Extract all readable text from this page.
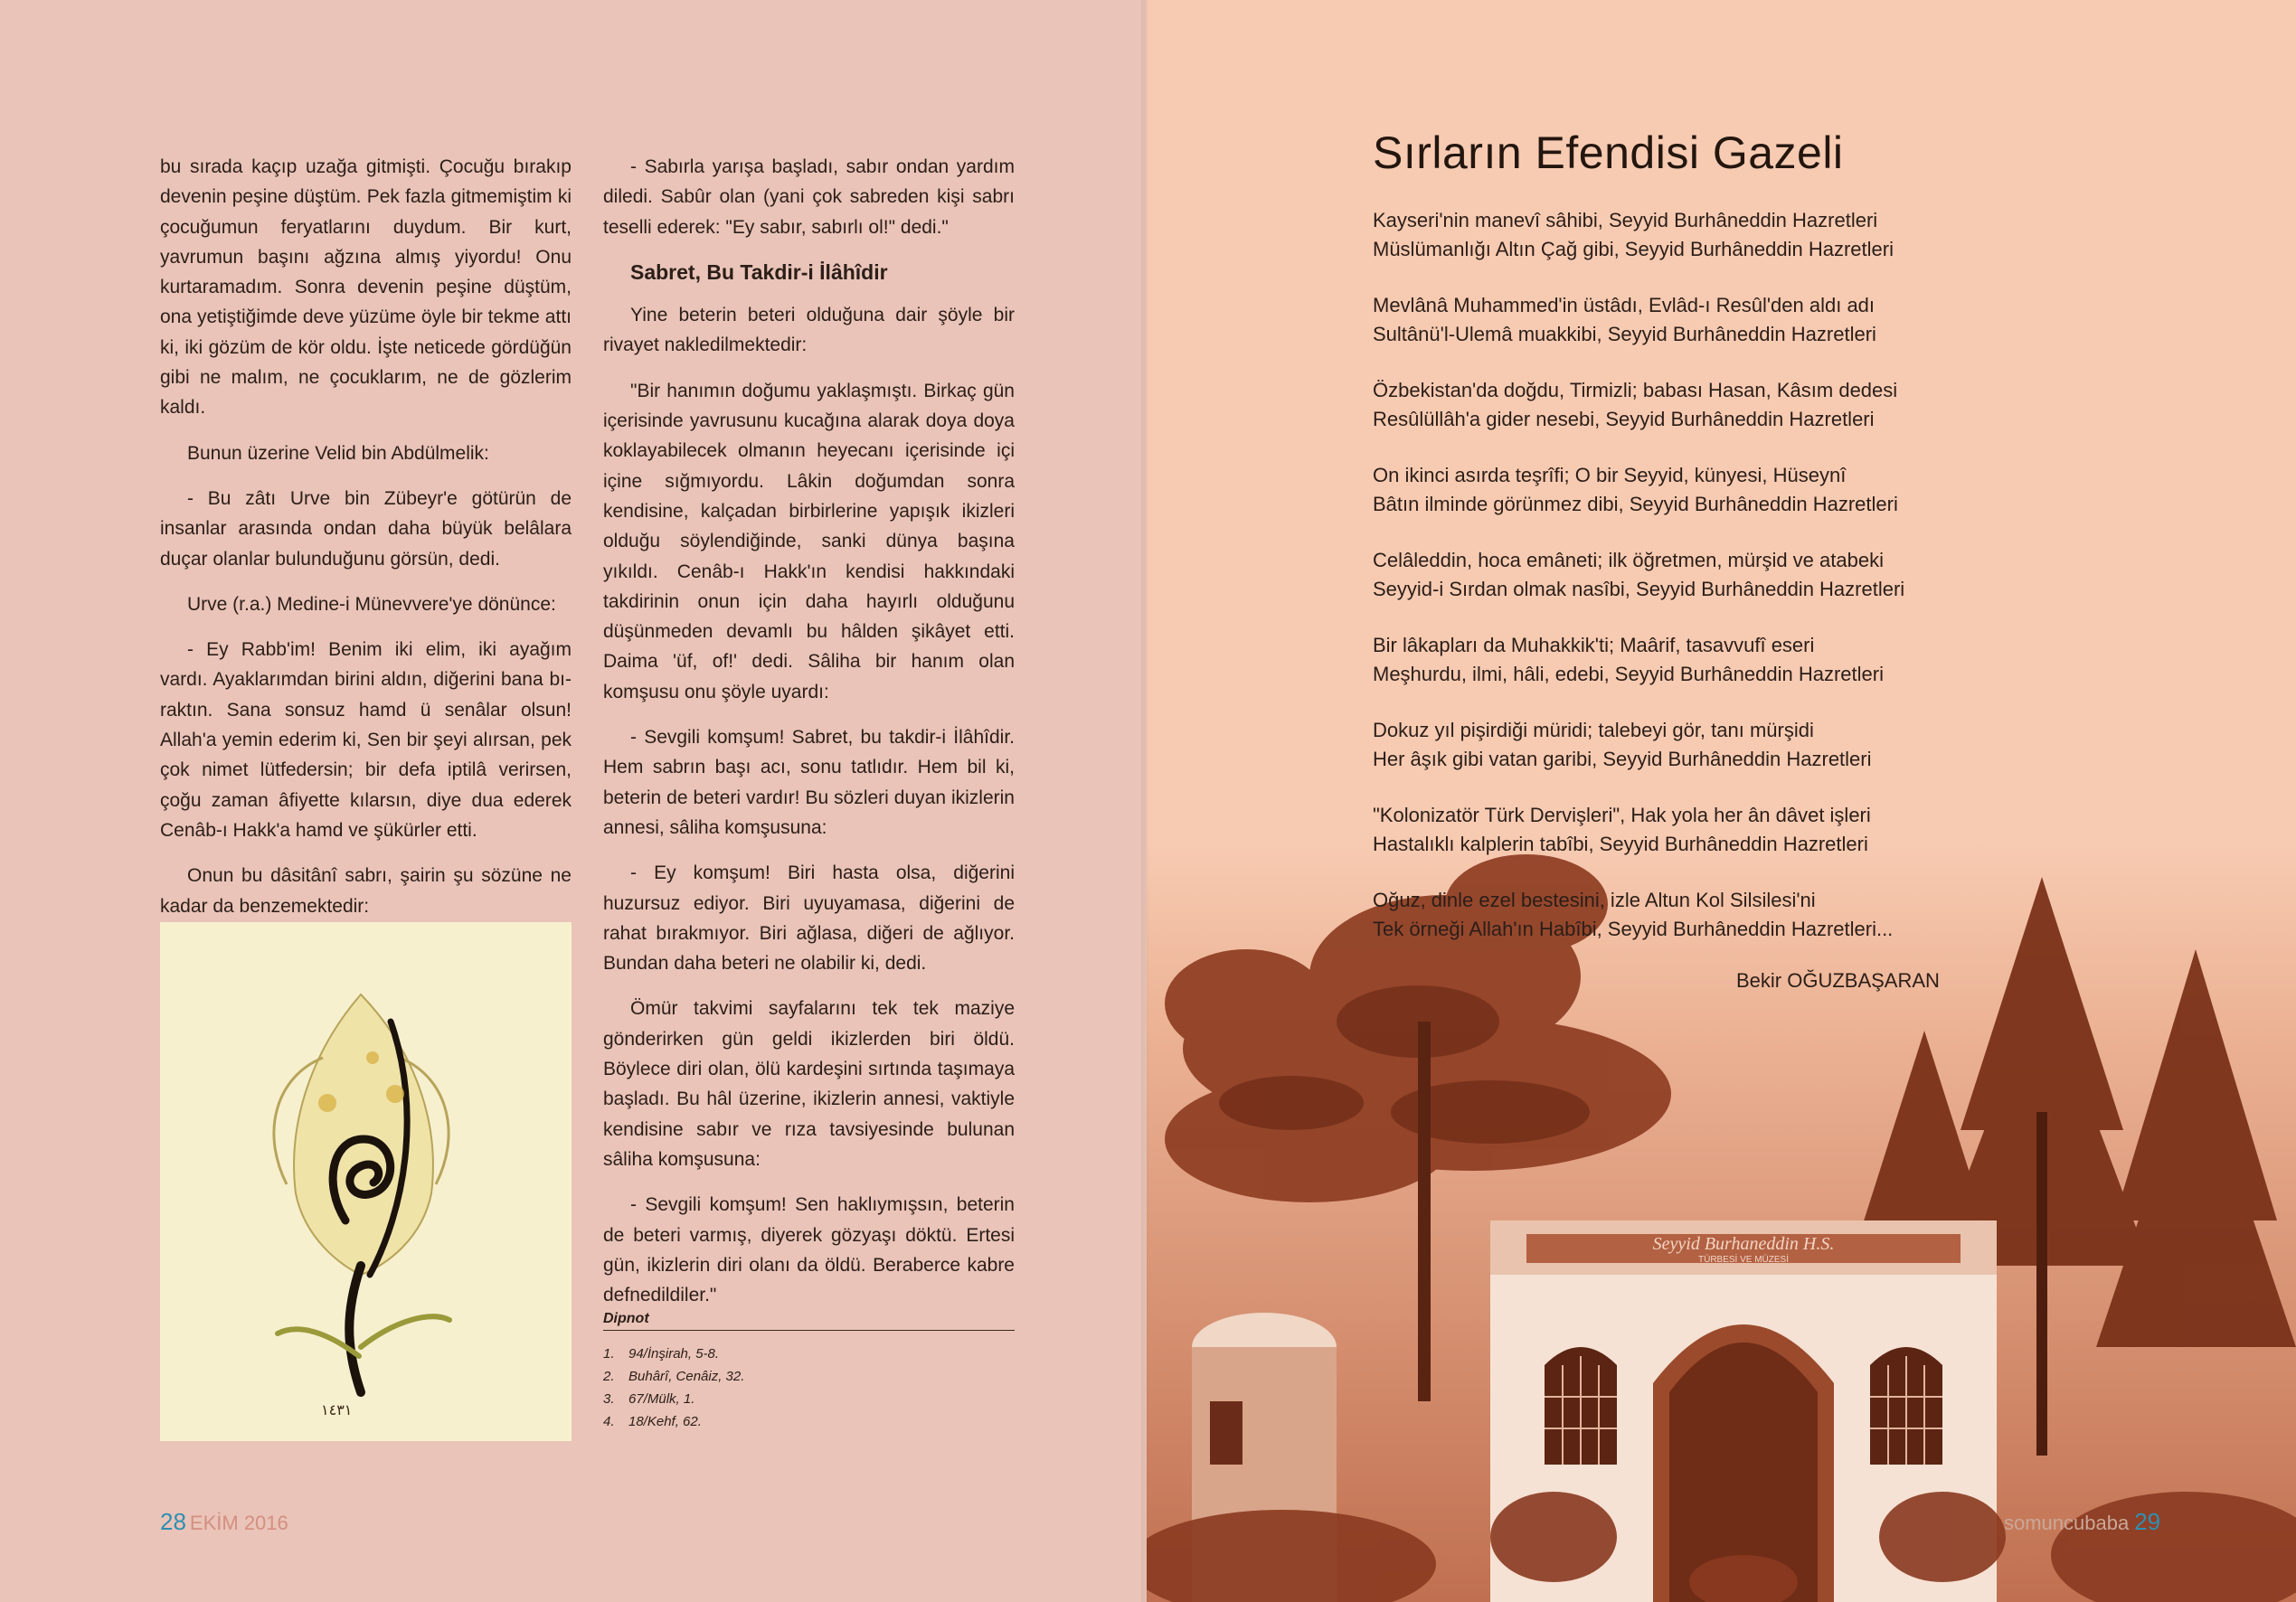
Seyyid Burhaneddin H.S.
TÜRBESİ VE MÜZESİ

bu sırada kaçıp uzağa gitmişti. Çocuğu bırakıp devenin peşine düştüm. Pek fazla gitmemiştim ki çocuğumun feryatlarını duydum. Bir kurt, yavrumun başını ağzına almış yiyordu! Onu kurtaramadım. Sonra devenin peşine düştüm, ona yetiştiğimde deve yüzüme öyle bir tekme attı ki, iki gözüm de kör oldu. İşte neticede gördüğün gibi ne malım, ne çocuklarım, ne de gözlerim kaldı.

Bunun üzerine Velid bin Abdülmelik:

- Bu zâtı Urve bin Zübeyr'e götürün de insanlar arasında ondan daha büyük belâlara duçar olanlar bulunduğunu görsün, dedi.

Urve (r.a.) Medine-i Münevvere'ye dönünce:

- Ey Rabb'im! Benim iki elim, iki ayağım vardı. Ayaklarımdan birini aldın, diğerini bana bı-raktın. Sana sonsuz hamd ü senâlar olsun! Allah'a yemin ederim ki, Sen bir şeyi alırsan, pek çok nimet lütfedersin; bir defa iptilâ verirsen, çoğu zaman âfiyette kılarsın, diye dua ederek Cenâb-ı Hakk'a hamd ve şükürler etti.

Onun bu dâsitânî sabrı, şairin şu sözüne ne kadar da benzemektedir:

١٤٣١

- Sabırla yarışa başladı, sabır ondan yardım diledi. Sabûr olan (yani çok sabreden kişi sabrı teselli ederek: "Ey sabır, sabırlı ol!" dedi."

Sabret, Bu Takdir-i İlâhîdir

Yine beterin beteri olduğuna dair şöyle bir rivayet nakledilmektedir:

"Bir hanımın doğumu yaklaşmıştı. Birkaç gün içerisinde yavrusunu kucağına alarak doya doya koklayabilecek olmanın heyecanı içerisinde içi içine sığmıyordu. Lâkin doğumdan sonra kendisine, kalçadan birbirlerine yapışık ikizleri olduğu söylendiğinde, sanki dünya başına yıkıldı. Cenâb-ı Hakk'ın kendisi hakkındaki takdirinin onun için daha hayırlı olduğunu düşünmeden devamlı bu hâlden şikâyet etti. Daima 'üf, of!' dedi. Sâliha bir hanım olan komşusu onu şöyle uyardı:

- Sevgili komşum! Sabret, bu takdir-i İlâhîdir. Hem sabrın başı acı, sonu tatlıdır. Hem bil ki, beterin de beteri vardır! Bu sözleri duyan ikizlerin annesi, sâliha komşusuna:

- Ey komşum! Biri hasta olsa, diğerini huzursuz ediyor. Biri uyuyamasa, diğerini de rahat bırakmıyor. Biri ağlasa, diğeri de ağlıyor. Bundan daha beteri ne olabilir ki, dedi.

Ömür takvimi sayfalarını tek tek maziye gönderirken gün geldi ikizlerden biri öldü. Böylece diri olan, ölü kardeşini sırtında taşımaya başladı. Bu hâl üzerine, ikizlerin annesi, vaktiyle kendisine sabır ve rıza tavsiyesinde bulunan sâliha komşusuna:

- Sevgili komşum! Sen haklıymışsın, beterin de beteri varmış, diyerek gözyaşı döktü. Ertesi gün, ikizlerin diri olanı da öldü. Beraberce kabre defnedildiler."

Dipnot
1. 94/İnşirah, 5-8.
2. Buhârî, Cenâiz, 32.
3. 67/Mülk, 1.
4. 18/Kehf, 62.
28 EKİM 2016
Sırların Efendisi Gazeli
Kayseri'nin manevî sâhibi, Seyyid Burhâneddin Hazretleri
Müslümanlığı Altın Çağ gibi, Seyyid Burhâneddin Hazretleri
Mevlânâ Muhammed'in üstâdı, Evlâd-ı Resûl'den aldı adı
Sultânü'l-Ulemâ muakkibi, Seyyid Burhâneddin Hazretleri
Özbekistan'da doğdu, Tirmizli; babası Hasan, Kâsım dedesi
Resûlüllâh'a gider nesebi, Seyyid Burhâneddin Hazretleri
On ikinci asırda teşrîfi; O bir Seyyid, künyesi, Hüseynî
Bâtın ilminde görünmez dibi, Seyyid Burhâneddin Hazretleri
Celâleddin, hoca emâneti; ilk öğretmen, mürşid ve atabeki
Seyyid-i Sırdan olmak nasîbi, Seyyid Burhâneddin Hazretleri
Bir lâkapları da Muhakkik'ti; Maârif, tasavvufî eseri
Meşhurdu, ilmi, hâli, edebi, Seyyid Burhâneddin Hazretleri
Dokuz yıl pişirdiği müridi; talebeyi gör, tanı mürşidi
Her âşık gibi vatan garibi, Seyyid Burhâneddin Hazretleri
"Kolonizatör Türk Dervişleri", Hak yola her ân dâvet işleri
Hastalıklı kalplerin tabîbi, Seyyid Burhâneddin Hazretleri
Oğuz, dinle ezel bestesini, izle Altun Kol Silsilesi'ni
Tek örneği Allah'ın Habîbi, Seyyid Burhâneddin Hazretleri...
Bekir OĞUZBAŞARAN
somuncubaba 29
